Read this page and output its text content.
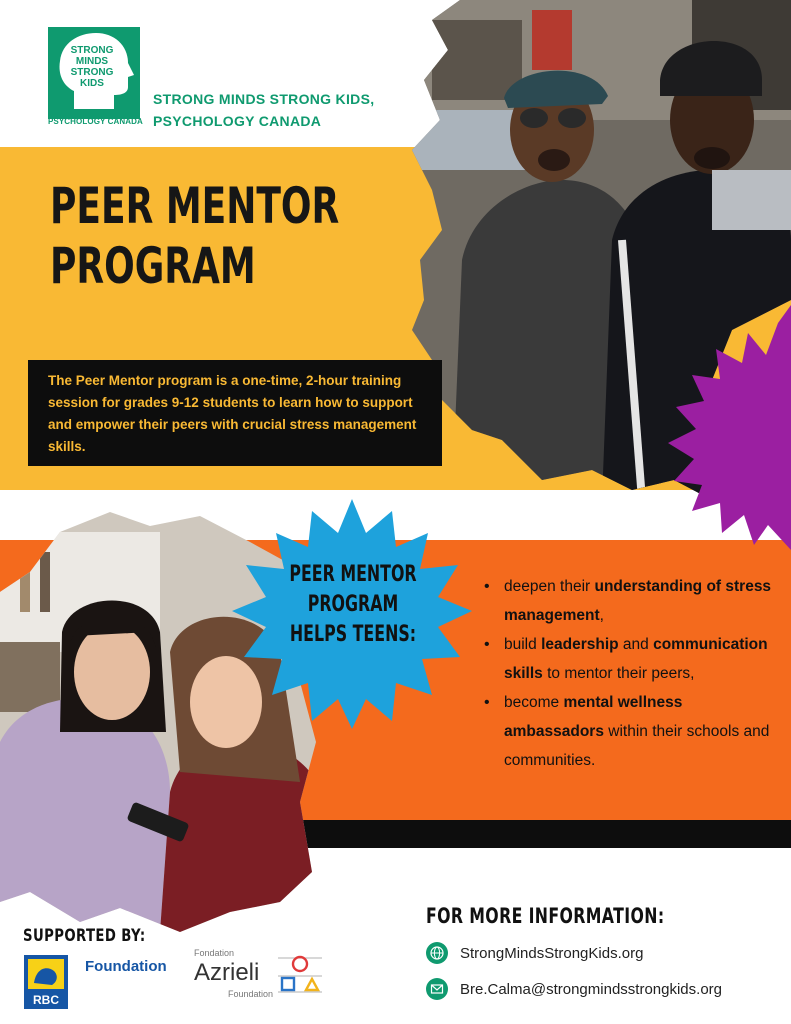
STRONG
MINDS
STRONG
KIDS
PSYCHOLOGY CANADA
STRONG MINDS STRONG KIDS,
PSYCHOLOGY CANADA
PEER MENTOR
PROGRAM
The Peer Mentor program is a one-time, 2-hour training session for grades 9-12 students to learn how to support and empower their peers with crucial stress management skills.
PEER MENTOR
PROGRAM
HELPS TEENS:
• deepen their understanding of stress management,
• build leadership and communication skills to mentor their peers,
• become mental wellness ambassadors within their schools and communities.
SUPPORTED BY:
RBC
Foundation
Fondation
Azrieli
Foundation
FOR MORE INFORMATION:
StrongMindsStrongKids.org
Bre.Calma@strongmindsstrongkids.org
